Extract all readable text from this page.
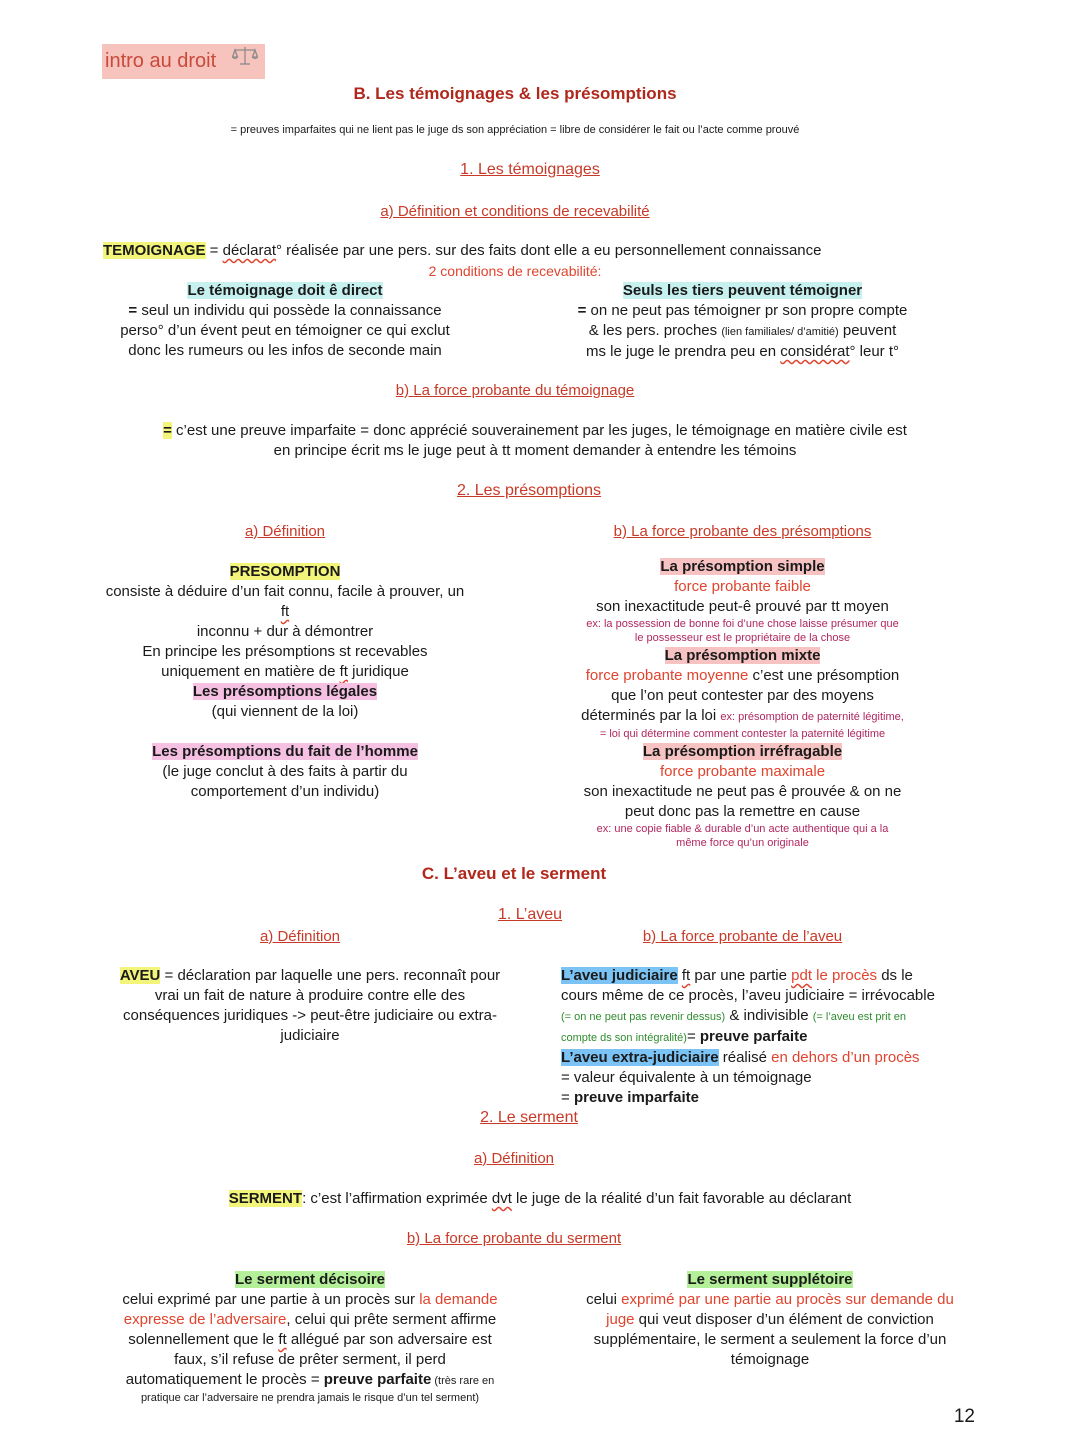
intro au droit
B. Les témoignages & les présomptions
= preuves imparfaites qui ne lient pas le juge ds son appréciation = libre de considérer le fait ou l’acte comme prouvé
1. Les témoignages
a) Définition et conditions de recevabilité
TEMOIGNAGE = déclarat° réalisée par une pers. sur des faits dont elle a eu personnellement connaissance
2 conditions de recevabilité:
Le témoignage doit ê direct
= seul un individu qui possède la connaissance
perso° d’un évent peut en témoigner ce qui exclut
donc les rumeurs ou les infos de seconde main
Seuls les tiers peuvent témoigner
= on ne peut pas témoigner pr son propre compte
& les pers. proches (lien familiales/ d’amitié) peuvent
ms le juge le prendra peu en considérat° leur t°
b) La force probante du témoignage
= c’est une preuve imparfaite = donc apprécié souverainement par les juges, le témoignage en matière civile est
en principe écrit ms le juge peut à tt moment demander à entendre les témoins
2. Les présomptions
a) Définition	b) La force probante des présomptions
PRESOMPTION
consiste à déduire d’un fait connu, facile à prouver, un ft
inconnu + dur à démontrer
En principe les présomptions st recevables
uniquement en matière de ft juridique
Les présomptions légales
(qui viennent de la loi)
Les présomptions du fait de l’homme
(le juge conclut à des faits à partir du
comportement d’un individu)
La présomption simple
force probante faible
son inexactitude peut-ê prouvé par tt moyen
ex: la possession de bonne foi d’une chose laisse présumer que
le possesseur est le propriétaire de la chose
La présomption mixte
force probante moyenne c’est une présomption
que l’on peut contester par des moyens
déterminés par la loi ex: présomption de paternité légitime,
= loi qui détermine comment contester la paternité légitime
La présomption irréfragable
force probante maximale
son inexactitude ne peut pas ê prouvée & on ne
peut donc pas la remettre en cause
ex: une copie fiable & durable d’un acte authentique qui a la
même force qu’un originale
C. L’aveu et le serment
1. L’aveu
a) Définition	b) La force probante de l’aveu
AVEU = déclaration par laquelle une pers. reconnaît pour
vrai un fait de nature à produire contre elle des
conséquences juridiques -> peut-être judiciaire ou extra-
judiciaire
L’aveu judiciaire ft par une partie pdt le procès ds le
cours même de ce procès, l’aveu judiciaire = irrévocable
(= on ne peut pas revenir dessus) & indivisible (= l’aveu est prit en
compte ds son intégralité)= preuve parfaite
L’aveu extra-judiciaire réalisé en dehors d’un procès
= valeur équivalente à un témoignage
= preuve imparfaite
2. Le serment
a) Définition
SERMENT: c’est l’affirmation exprimée dvt le juge de la réalité d’un fait favorable au déclarant
b) La force probante du serment
Le serment décisoire
celui exprimé par une partie à un procès sur la demande
expresse de l’adversaire, celui qui prête serment affirme
solennellement que le ft allégué par son adversaire est
faux, s’il refuse de prêter serment, il perd
automatiquement le procès = preuve parfaite (très rare en
pratique car l’adversaire ne prendra jamais le risque d’un tel serment)
Le serment supplétoire
celui exprimé par une partie au procès sur demande du
juge qui veut disposer d’un élément de conviction
supplémentaire, le serment a seulement la force d’un
témoignage
12
